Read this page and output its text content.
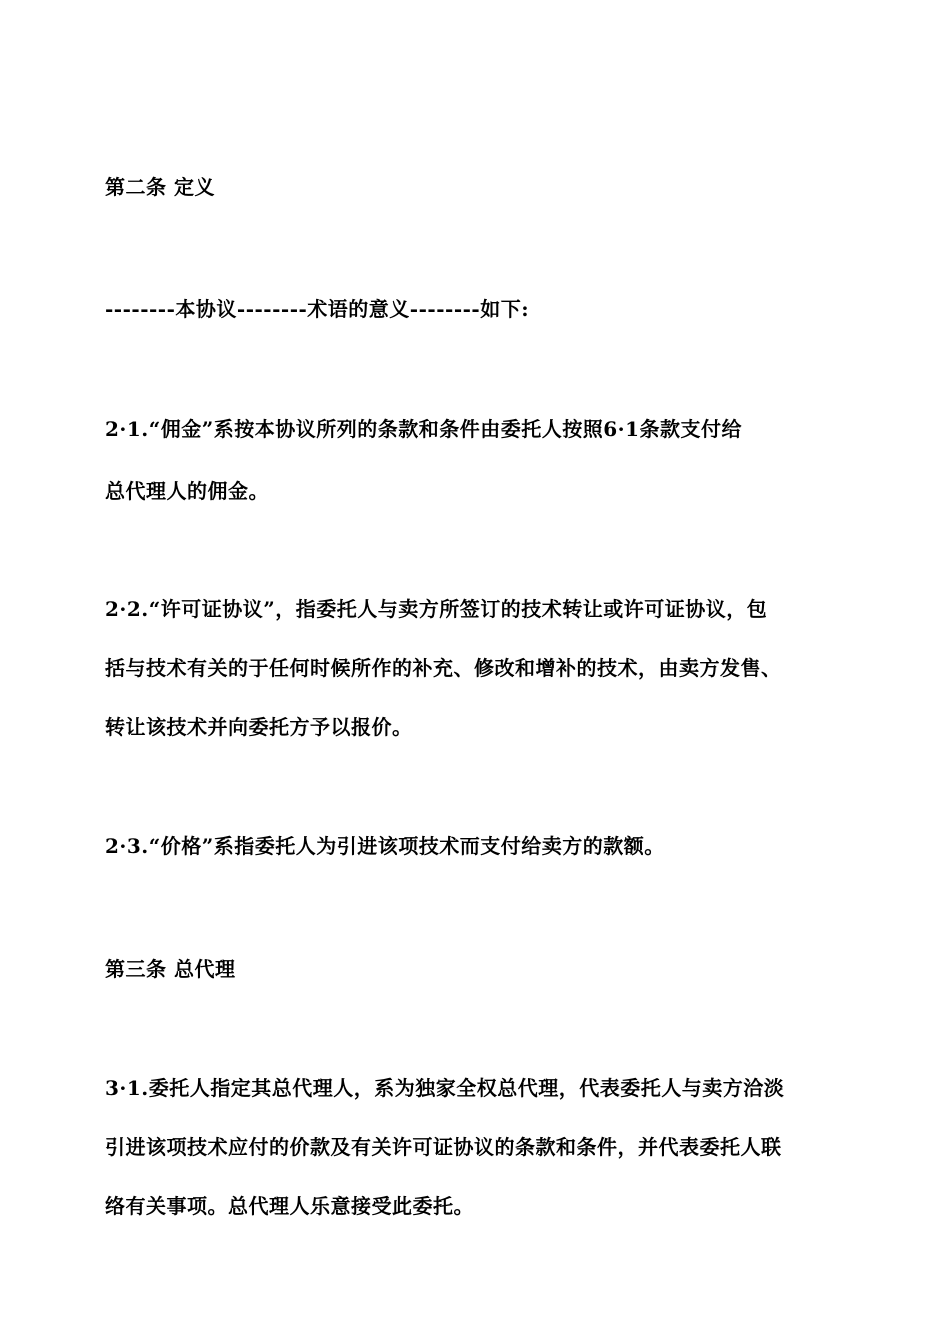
第二条 定义
--------本协议--------术语的意义--------如下:
2·1.“佣金”系按本协议所列的条款和条件由委托人按照6·1条款支付给
总代理人的佣金。
2·2.“许可证协议”，指委托人与卖方所签订的技术转让或许可证协议，包
括与技术有关的于任何时候所作的补充、修改和增补的技术，由卖方发售、
转让该技术并向委托方予以报价。
2·3.“价格”系指委托人为引进该项技术而支付给卖方的款额。
第三条 总代理
3·1.委托人指定其总代理人，系为独家全权总代理，代表委托人与卖方洽淡
引进该项技术应付的价款及有关许可证协议的条款和条件，并代表委托人联
络有关事项。总代理人乐意接受此委托。
